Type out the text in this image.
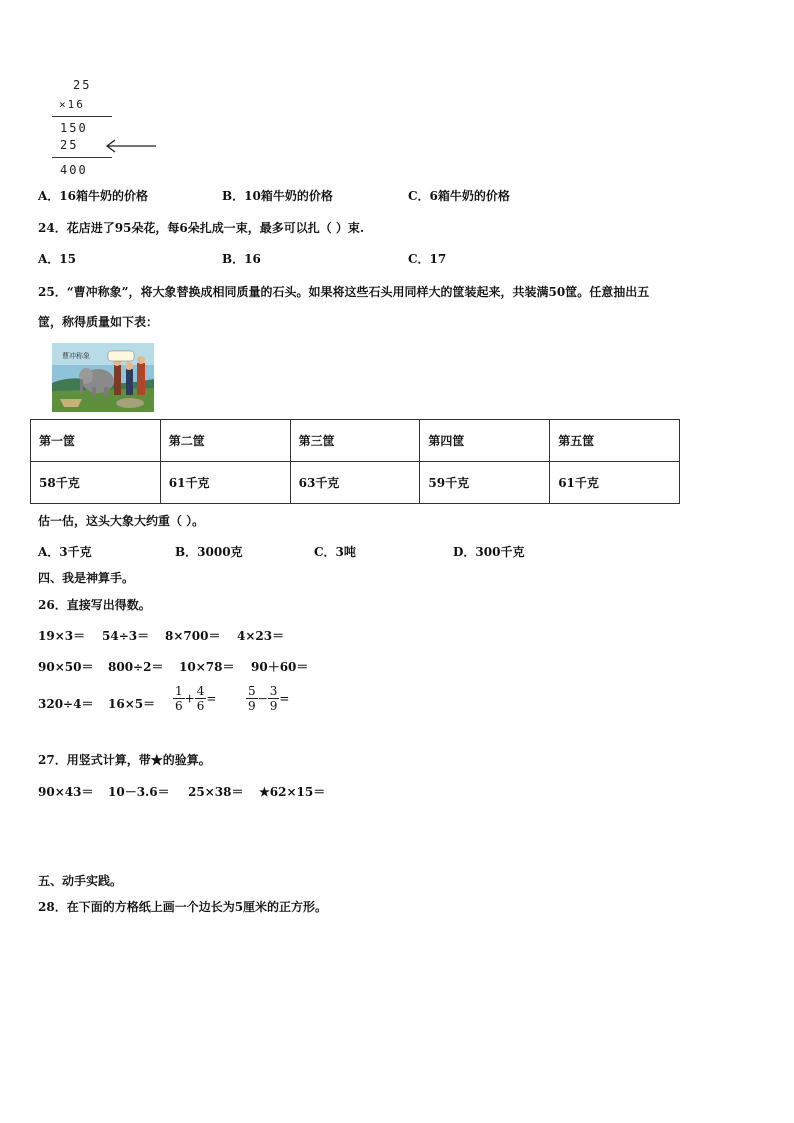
25
×16
150
25
400
A．16箱牛奶的价格	B．10箱牛奶的价格	C．6箱牛奶的价格
24．花店进了95朵花，每6朵扎成一束，最多可以扎（ ）束.
A．15	B．16	C．17
25．“曹冲称象”，将大象替换成相同质量的石头。如果将这些石头用同样大的筐装起来，共装满50筐。任意抽出五
筐，称得质量如下表：
曹冲称象
第一筐	第二筐	第三筐	第四筐	第五筐
58千克	61千克	63千克	59千克	61千克
估一估，这头大象大约重（ ）。
A．3千克	B．3000克	C．3吨	D．300千克
四、我是神算手。
26．直接写出得数。
19×3＝ 54÷3＝ 8×700＝ 4×23＝
90×50＝ 800÷2＝ 10×78＝ 90＋60＝
$320\div 4= 16\times 5= \frac{1}{6} + \frac{4}{6} = \frac{5}{9} - \frac{3}{9}$ =
27．用竖式计算，带★的验算。
90×43＝ 10－3.6＝ 25×38＝ ★62×15＝
五、动手实践。
28．在下面的方格纸上画一个边长为5厘米的正方形。
